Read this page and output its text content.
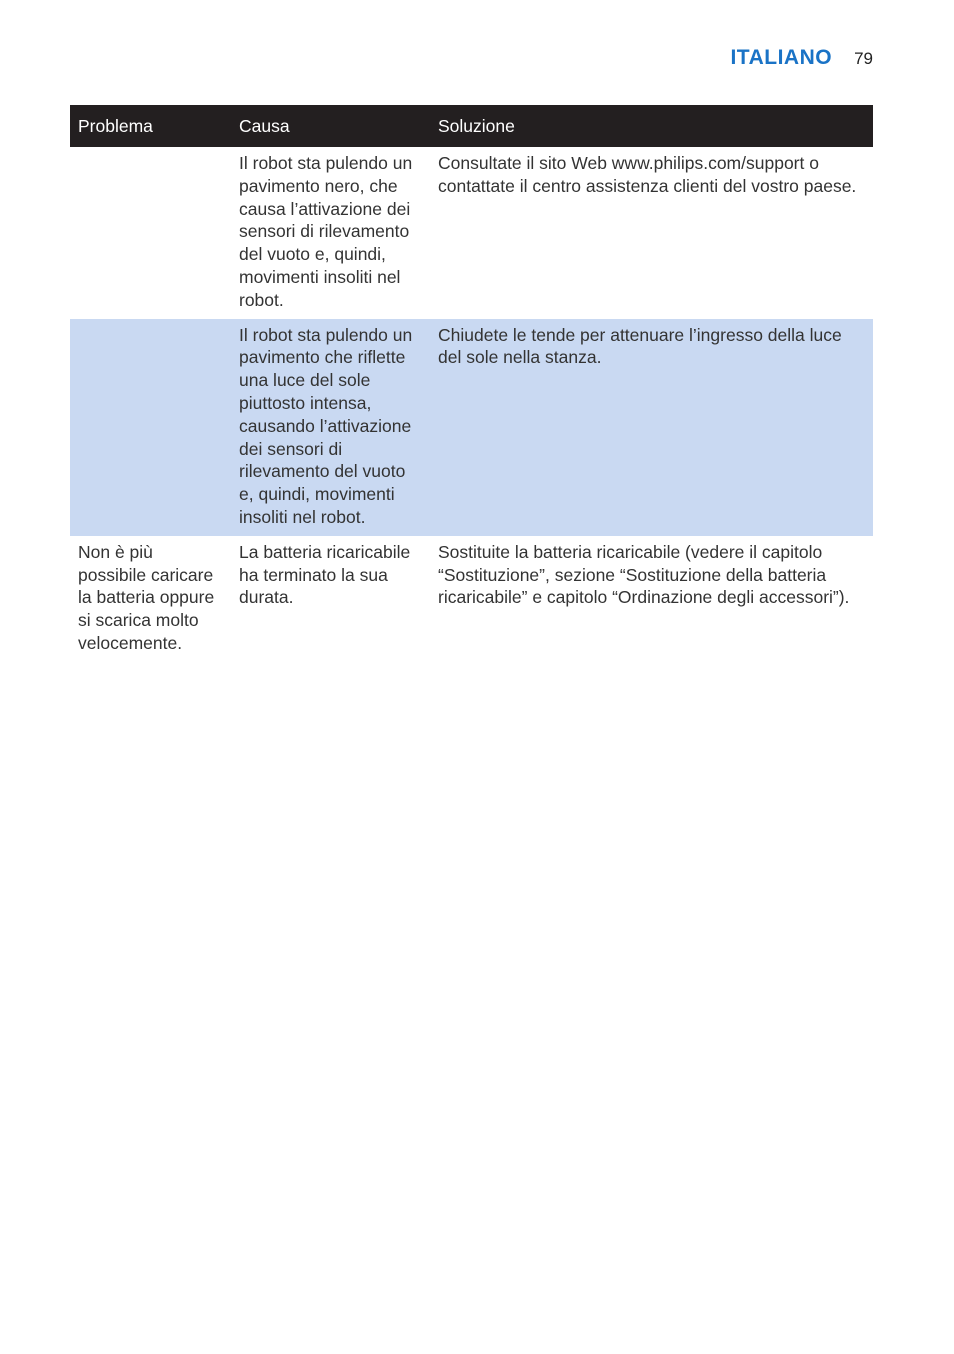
ITALIANO 79
Problema	Causa	Soluzione
	Il robot sta pulendo un pavimento nero, che causa l’attivazione dei sensori di rilevamento del vuoto e, quindi, movimenti insoliti nel robot.	Consultate il sito Web www.philips.com/support o contattate il centro assistenza clienti del vostro paese.
	Il robot sta pulendo un pavimento che riflette una luce del sole piuttosto intensa, causando l’attivazione dei sensori di rilevamento del vuoto e, quindi, movimenti insoliti nel robot.	Chiudete le tende per attenuare l’ingresso della luce del sole nella stanza.
Non è più possibile caricare la batteria oppure si scarica molto velocemente.	La batteria ricaricabile ha terminato la sua durata.	Sostituite la batteria ricaricabile (vedere il capitolo “Sostituzione”, sezione “Sostituzione della batteria ricaricabile” e capitolo “Ordinazione degli accessori”).
